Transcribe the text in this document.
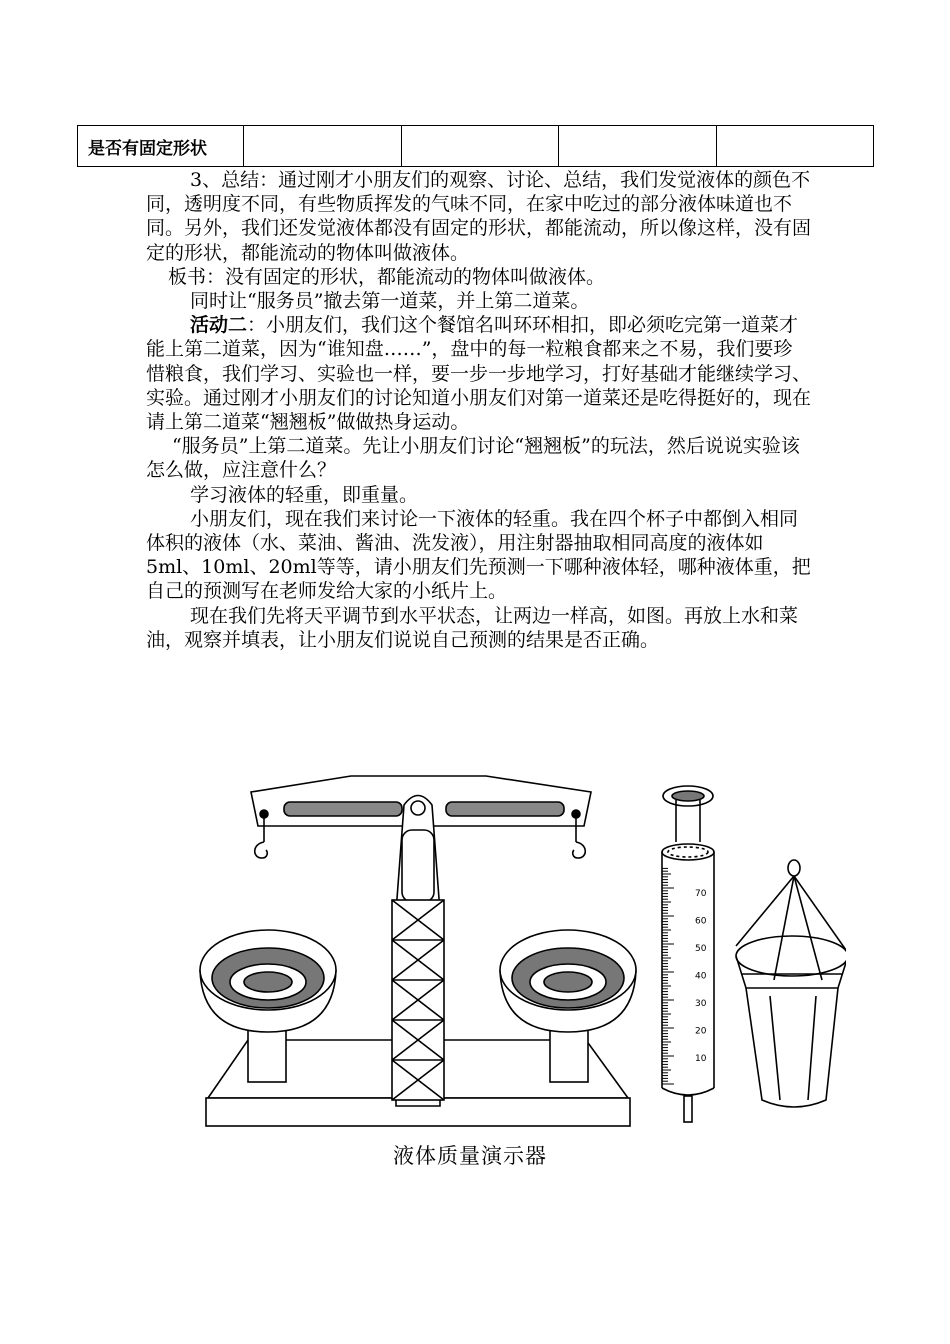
是否有固定形状				

3、总结：通过刚才小朋友们的观察、讨论、总结，我们发觉液体的颜色不同，透明度不同，有些物质挥发的气味不同，在家中吃过的部分液体味道也不同。另外，我们还发觉液体都没有固定的形状，都能流动，所以像这样，没有固定的形状，都能流动的物体叫做液体。

板书：没有固定的形状，都能流动的物体叫做液体。

同时让“服务员”撤去第一道菜，并上第二道菜。

活动二：小朋友们，我们这个餐馆名叫环环相扣，即必须吃完第一道菜才能上第二道菜，因为“谁知盘……”，盘中的每一粒粮食都来之不易，我们要珍惜粮食，我们学习、实验也一样，要一步一步地学习，打好基础才能继续学习、实验。通过刚才小朋友们的讨论知道小朋友们对第一道菜还是吃得挺好的，现在请上第二道菜“翘翘板”做做热身运动。

“服务员”上第二道菜。先让小朋友们讨论“翘翘板”的玩法，然后说说实验该怎么做，应注意什么？

学习液体的轻重，即重量。

小朋友们，现在我们来讨论一下液体的轻重。我在四个杯子中都倒入相同体积的液体（水、菜油、酱油、洗发液），用注射器抽取相同高度的液体如5ml、10ml、20ml等等，请小朋友们先预测一下哪种液体轻，哪种液体重，把自己的预测写在老师发给大家的小纸片上。

现在我们先将天平调节到水平状态，让两边一样高，如图。再放上水和菜油，观察并填表，让小朋友们说说自己预测的结果是否正确。

70
60
50
40
30
20
10
液体质量演示器
